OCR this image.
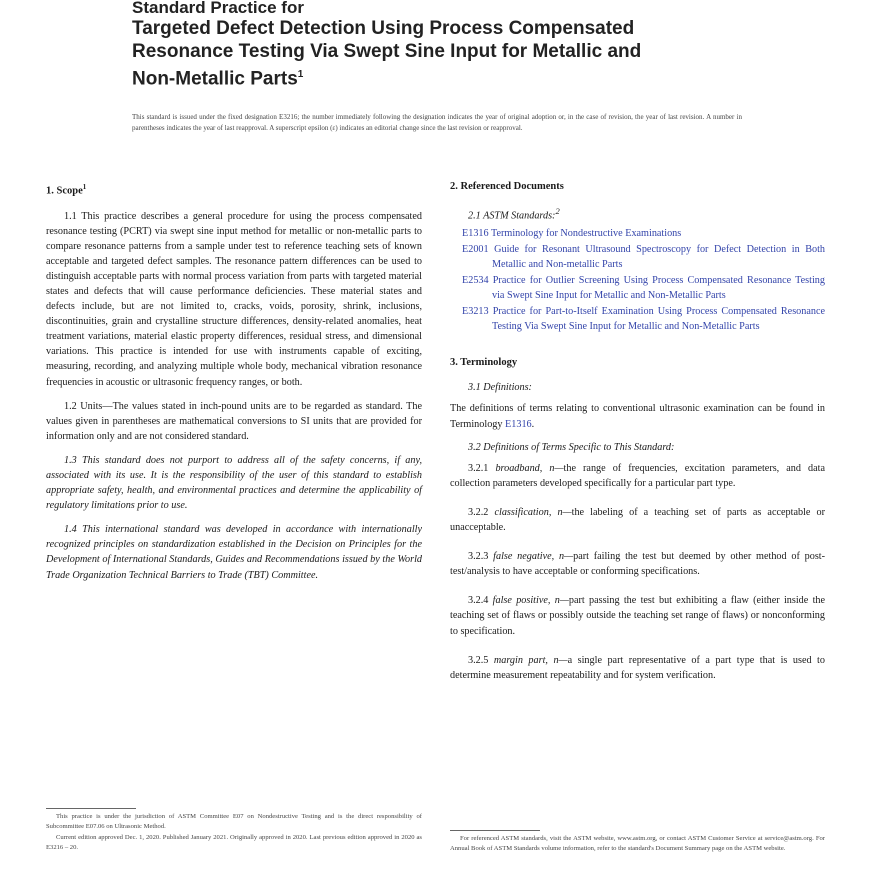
Standard Practice for

Targeted Defect Detection Using Process Compensated

Resonance Testing Via Swept Sine Input for Metallic and

Non-Metallic Parts$^1$

This standard is issued under the fixed designation E3216; the number immediately following the designation indicates the year of original adoption or, in the case of revision, the year of last revision. A number in parentheses indicates the year of last reapproval. A superscript epsilon (ε) indicates an editorial change since the last revision or reapproval.
1. Scope$^1$

1.1 This practice describes a general procedure for using the process compensated resonance testing (PCRT) via swept sine input method for metallic or non-metallic parts to compare resonance patterns from a sample under test to reference teaching sets of known acceptable and targeted defect samples. The resonance pattern differences can be used to distinguish acceptable parts with normal process variation from parts with targeted material states and defects that will cause performance deficiencies. These material states and defects include, but are not limited to, cracks, voids, porosity, shrink, inclusions, discontinuities, grain and crystalline structure differences, density-related anomalies, heat treatment variations, material elastic property differences, residual stress, and dimensional variations. This practice is intended for use with instruments capable of exciting, measuring, recording, and analyzing multiple whole body, mechanical vibration resonance frequencies in acoustic or ultrasonic frequency ranges, or both.

1.2 Units—The values stated in inch-pound units are to be regarded as standard. The values given in parentheses are mathematical conversions to SI units that are provided for information only and are not considered standard.

1.3 This standard does not purport to address all of the safety concerns, if any, associated with its use. It is the responsibility of the user of this standard to establish appropriate safety, health, and environmental practices and determine the applicability of regulatory limitations prior to use.

1.4 This international standard was developed in accordance with internationally recognized principles on standardization established in the Decision on Principles for the Development of International Standards, Guides and Recommendations issued by the World Trade Organization Technical Barriers to Trade (TBT) Committee.

2. Referenced Documents

2.1 ASTM Standards:$^2$

E1316 Terminology for Nondestructive Examinations

E2001 Guide for Resonant Ultrasound Spectroscopy for Defect Detection in Both Metallic and Non-metallic Parts

E2534 Practice for Outlier Screening Using Process Compensated Resonance Testing via Swept Sine Input for Metallic and Non-Metallic Parts

E3213 Practice for Part-to-Itself Examination Using Process Compensated Resonance Testing Via Swept Sine Input for Metallic and Non-Metallic Parts

3. Terminology

3.1 Definitions:

The definitions of terms relating to conventional ultrasonic examination can be found in Terminology E1316.

3.2 Definitions of Terms Specific to This Standard:

3.2.1 broadband, n—the range of frequencies, excitation parameters, and data collection parameters developed specifically for a particular part type.

3.2.2 classification, n—the labeling of a teaching set of parts as acceptable or unacceptable.

3.2.3 false negative, n—part failing the test but deemed by other method of post-test/analysis to have acceptable or conforming specifications.

3.2.4 false positive, n—part passing the test but exhibiting a flaw (either inside the teaching set of flaws or possibly outside the teaching set range of flaws) or nonconforming to specification.

3.2.5 margin part, n—a single part representative of a part type that is used to determine measurement repeatability and for system verification.

This practice is under the jurisdiction of ASTM Committee E07 on Nondestructive Testing and is the direct responsibility of Subcommittee E07.06 on Ultrasonic Method.

Current edition approved Dec. 1, 2020. Published January 2021. Originally approved in 2020. Last previous edition approved in 2020 as E3216 – 20.

For referenced ASTM standards, visit the ASTM website, www.astm.org, or contact ASTM Customer Service at service@astm.org. For Annual Book of ASTM Standards volume information, refer to the standard's Document Summary page on the ASTM website.
